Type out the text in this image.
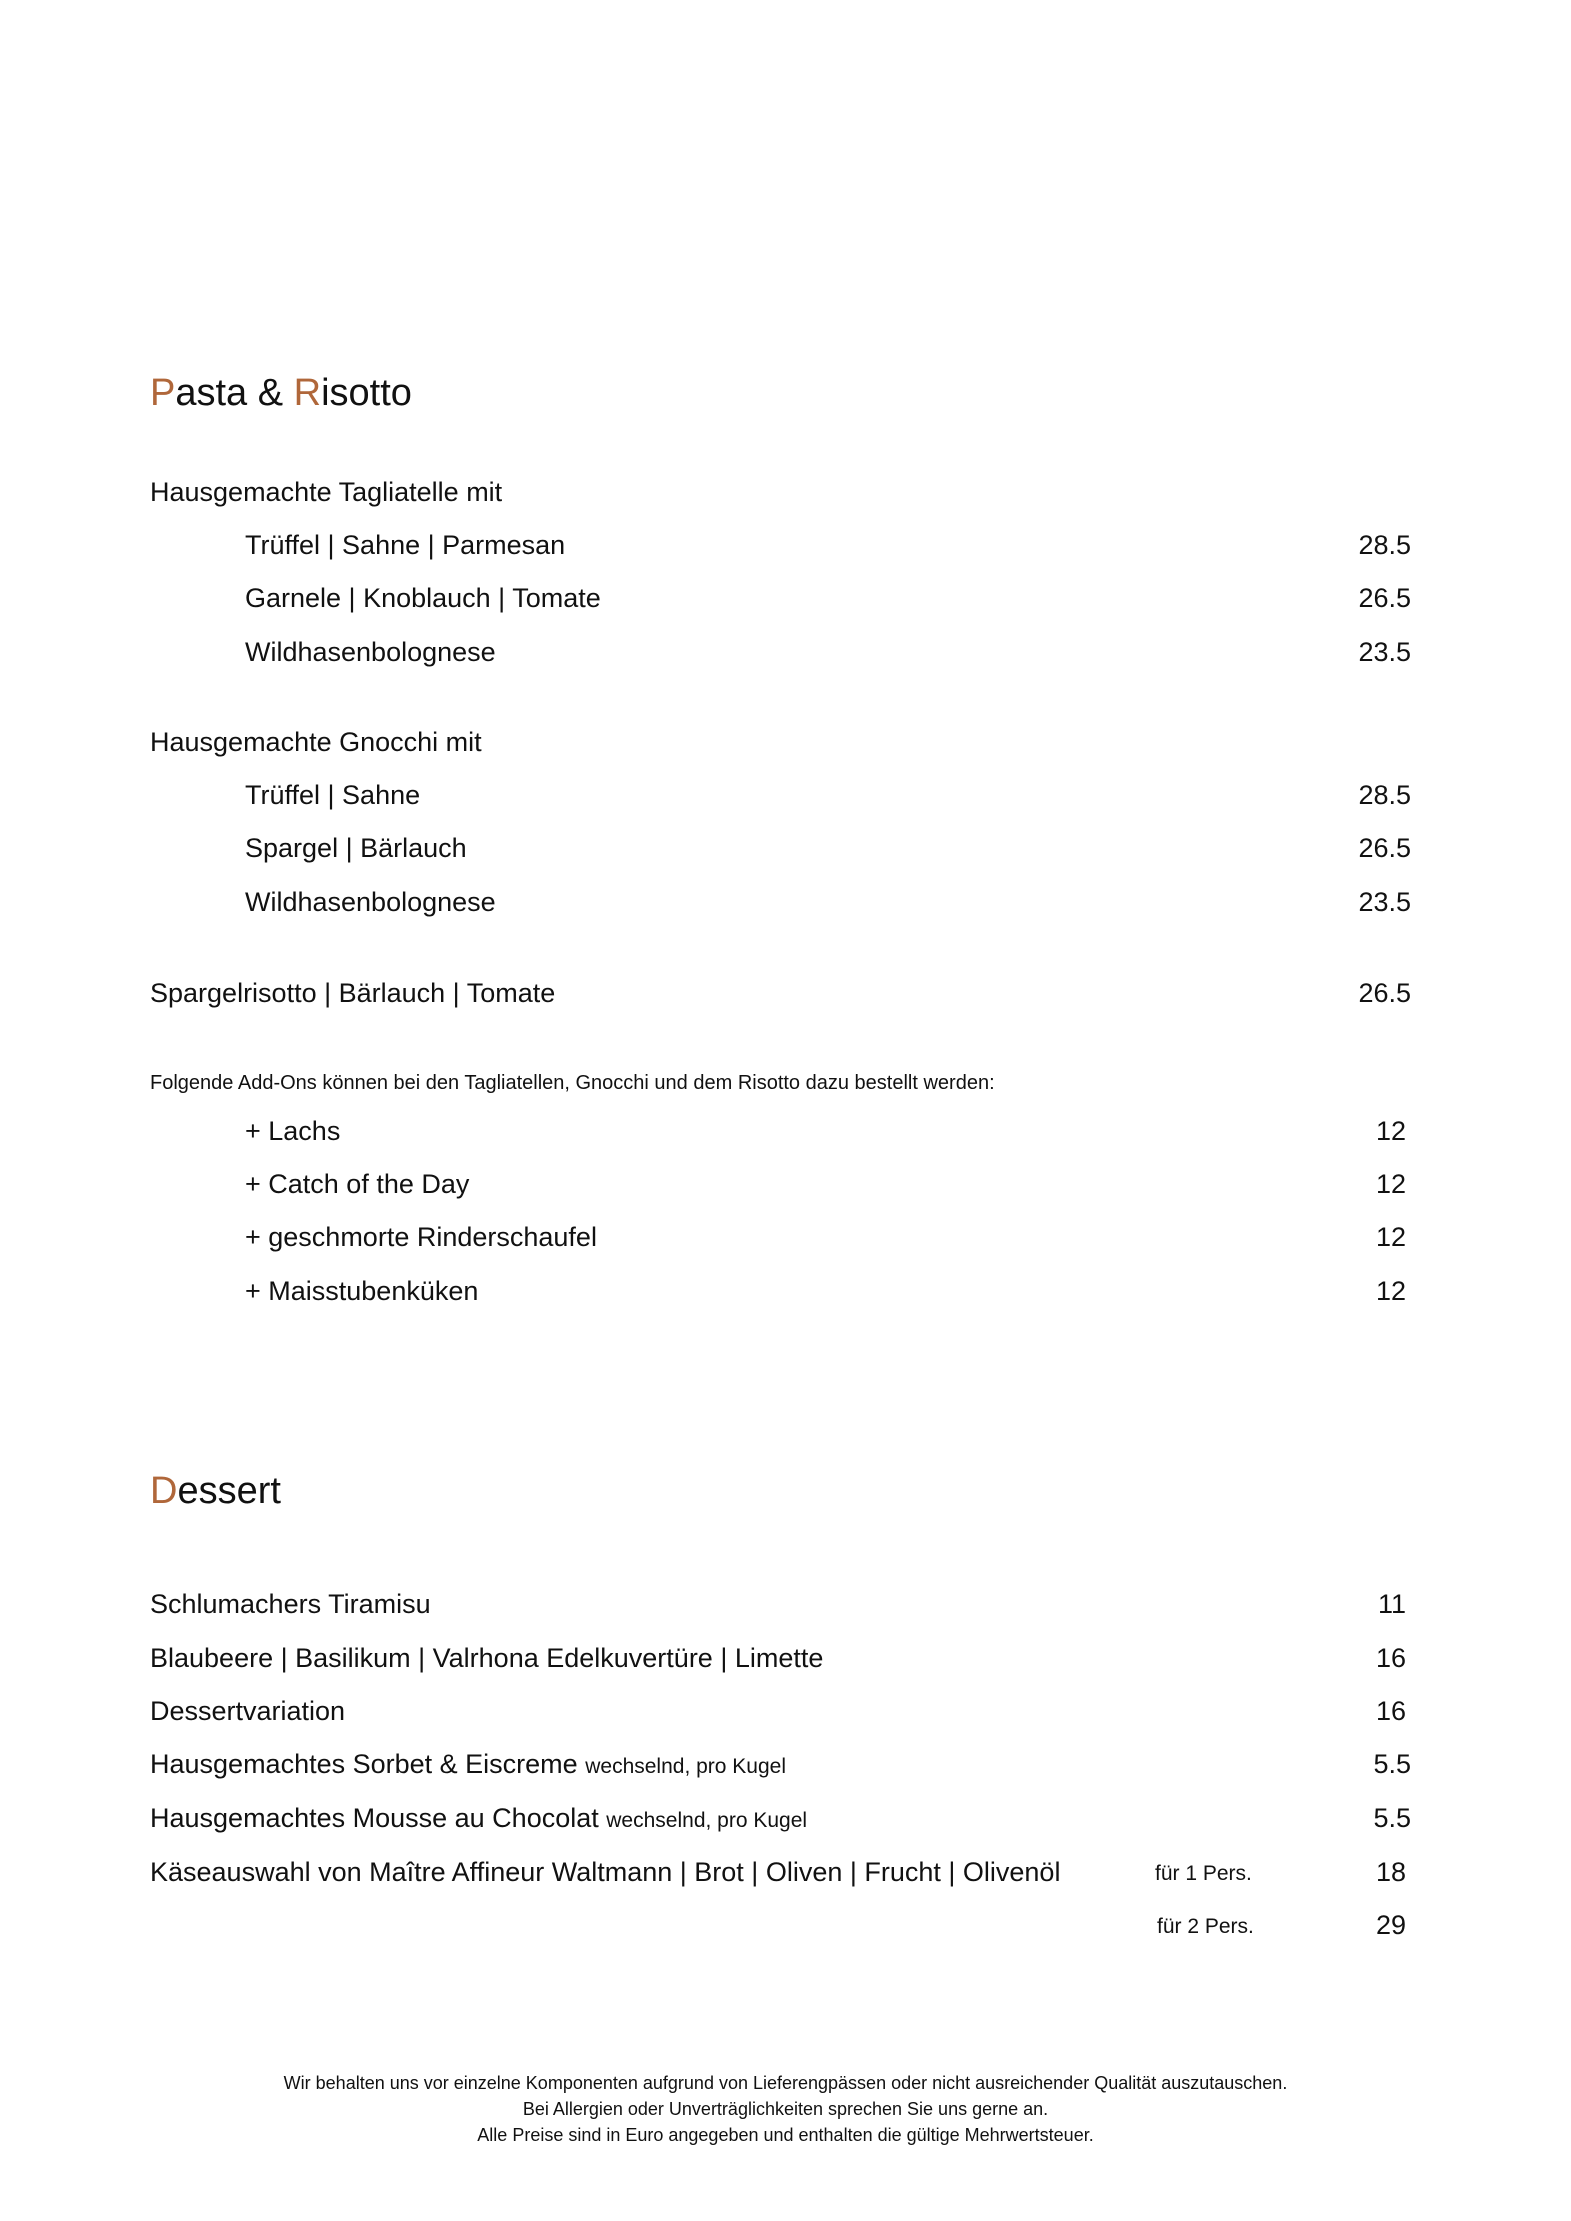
Pasta & Risotto
Hausgemachte Tagliatelle mit
Trüffel | Sahne | Parmesan	28.5
Garnele | Knoblauch | Tomate	26.5
Wildhasenbolognese	23.5
Hausgemachte Gnocchi mit
Trüffel | Sahne	28.5
Spargel | Bärlauch	26.5
Wildhasenbolognese	23.5
Spargelrisotto | Bärlauch | Tomate	26.5
Folgende Add-Ons können bei den Tagliatellen, Gnocchi und dem Risotto dazu bestellt werden:
+ Lachs	12
+ Catch of the Day	12
+ geschmorte Rinderschaufel	12
+ Maisstubenküken	12
Dessert
Schlumachers Tiramisu	11
Blaubeere | Basilikum | Valrhona Edelkuvertüre | Limette	16
Dessertvariation	16
Hausgemachtes Sorbet & Eiscreme wechselnd, pro Kugel	5.5
Hausgemachtes Mousse au Chocolat wechselnd, pro Kugel	5.5
Käseauswahl von Maître Affineur Waltmann | Brot | Oliven | Frucht | Olivenöl	für 1 Pers.	18
für 2 Pers.	29
Wir behalten uns vor einzelne Komponenten aufgrund von Lieferengpässen oder nicht ausreichender Qualität auszutauschen.
Bei Allergien oder Unverträglichkeiten sprechen Sie uns gerne an.
Alle Preise sind in Euro angegeben und enthalten die gültige Mehrwertsteuer.
